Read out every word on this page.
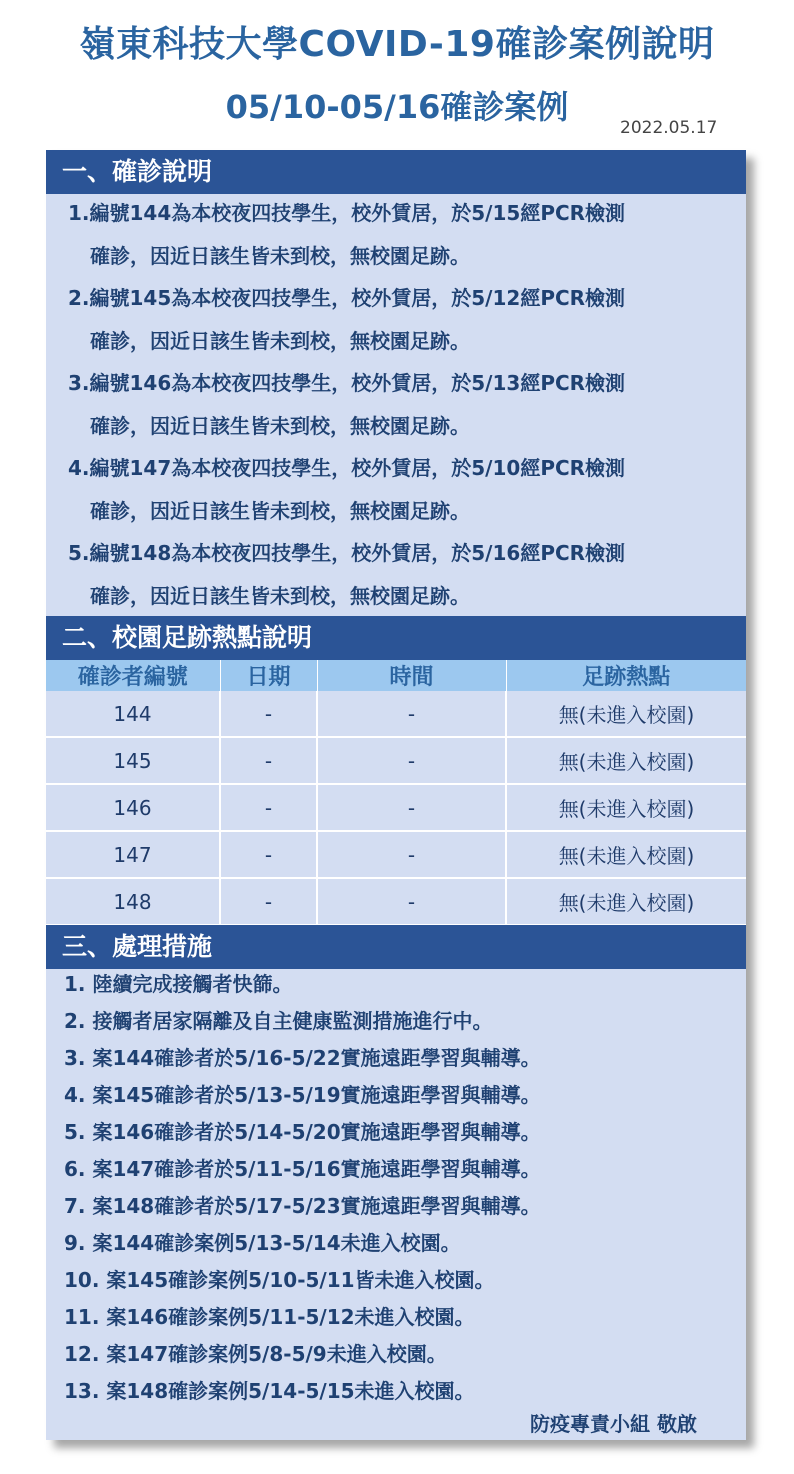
嶺東科技大學COVID-19確診案例說明
05/10-05/16確診案例
2022.05.17
一、確診說明
1.編號144為本校夜四技學生，校外賃居，於5/15經PCR檢測
確診，因近日該生皆未到校，無校園足跡。
2.編號145為本校夜四技學生，校外賃居，於5/12經PCR檢測
確診，因近日該生皆未到校，無校園足跡。
3.編號146為本校夜四技學生，校外賃居，於5/13經PCR檢測
確診，因近日該生皆未到校，無校園足跡。
4.編號147為本校夜四技學生，校外賃居，於5/10經PCR檢測
確診，因近日該生皆未到校，無校園足跡。
5.編號148為本校夜四技學生，校外賃居，於5/16經PCR檢測
確診，因近日該生皆未到校，無校園足跡。
二、校園足跡熱點說明
確診者編號	日期	時間	足跡熱點
144	-	-	無(未進入校園)
145	-	-	無(未進入校園)
146	-	-	無(未進入校園)
147	-	-	無(未進入校園)
148	-	-	無(未進入校園)
三、處理措施
1. 陸續完成接觸者快篩。
2. 接觸者居家隔離及自主健康監測措施進行中。
3. 案144確診者於5/16-5/22實施遠距學習與輔導。
4. 案145確診者於5/13-5/19實施遠距學習與輔導。
5. 案146確診者於5/14-5/20實施遠距學習與輔導。
6. 案147確診者於5/11-5/16實施遠距學習與輔導。
7. 案148確診者於5/17-5/23實施遠距學習與輔導。
9. 案144確診案例5/13-5/14未進入校園。
10. 案145確診案例5/10-5/11皆未進入校園。
11. 案146確診案例5/11-5/12未進入校園。
12. 案147確診案例5/8-5/9未進入校園。
13. 案148確診案例5/14-5/15未進入校園。
防疫專責小組 敬啟
